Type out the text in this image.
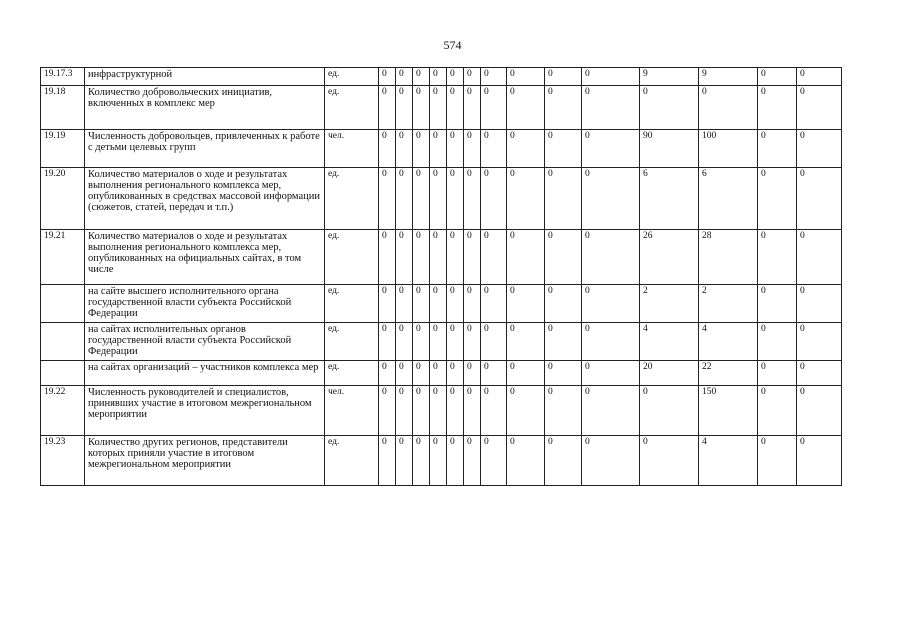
574
19.17.3	инфраструктурной	ед.	0	0	0	0	0	0	0	0	0	0	9	9	0	0
19.18	Количество добровольческих инициатив, включенных в комплекс мер	ед.	0	0	0	0	0	0	0	0	0	0	0	0	0	0
19.19	Численность добровольцев, привлеченных к работе с детьми целевых групп	чел.	0	0	0	0	0	0	0	0	0	0	90	100	0	0
19.20	Количество материалов о ходе и результатах выполнения регионального комплекса мер, опубликованных в средствах массовой информации (сюжетов, статей, передач и т.п.)	ед.	0	0	0	0	0	0	0	0	0	0	6	6	0	0
19.21	Количество материалов о ходе и результатах выполнения регионального комплекса мер, опубликованных на официальных сайтах, в том числе	ед.	0	0	0	0	0	0	0	0	0	0	26	28	0	0
	на сайте высшего исполнительного органа государственной власти субъекта Российской Федерации	ед.	0	0	0	0	0	0	0	0	0	0	2	2	0	0
	на сайтах исполнительных органов государственной власти субъекта Российской Федерации	ед.	0	0	0	0	0	0	0	0	0	0	4	4	0	0
	на сайтах организаций – участников комплекса мер	ед.	0	0	0	0	0	0	0	0	0	0	20	22	0	0
19.22	Численность руководителей и специалистов, принявших участие в итоговом межрегиональном мероприятии	чел.	0	0	0	0	0	0	0	0	0	0	0	150	0	0
19.23	Количество других регионов, представители которых приняли участие в итоговом межрегиональном мероприятии	ед.	0	0	0	0	0	0	0	0	0	0	0	4	0	0
